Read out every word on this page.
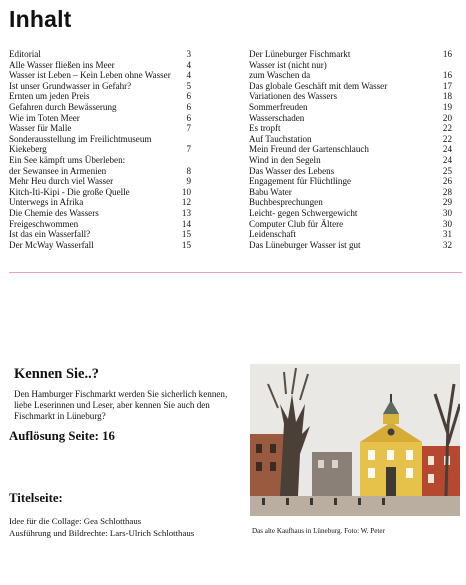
Inhalt
Editorial	3
Alle Wasser fließen ins Meer	4
Wasser ist Leben – Kein Leben ohne Wasser	4
Ist unser Grundwasser in Gefahr?	5
Ernten um jeden Preis	6
Gefahren durch Bewässerung	6
Wie im Toten Meer	6
Wasser für Malle	7
Sonderausstellung im Freilichtmuseum
Kiekeberg	7
Ein See kämpft ums Überleben:
der Sewansee in Armenien	8
Mehr Heu durch viel Wasser	9
Kitch-Iti-Kipi - Die große Quelle	10
Unterwegs in Afrika	12
Die Chemie des Wassers	13
Freigeschwommen	14
Ist das ein Wasserfall?	15
Der McWay Wasserfall	15
Der Lüneburger Fischmarkt	16
Wasser ist (nicht nur)
zum Waschen da	16
Das globale Geschäft mit dem Wasser	17
Variationen des Wassers	18
Sommerfreuden	19
Wasserschaden	20
Es tropft	22
Auf Tauchstation	22
Mein Freund der Gartenschlauch	24
Wind in den Segeln	24
Das Wasser des Lebens	25
Engagement für Flüchtlinge	26
Babu Water	28
Buchbesprechungen	29
Leicht- gegen Schwergewicht	30
Computer Club für Ältere	30
Leidenschaft	31
Das Lüneburger Wasser ist gut	32
Kennen Sie..?
Den Hamburger Fischmarkt werden Sie sicherlich kennen, liebe Leserinnen und Leser, aber kennen Sie auch den Fischmarkt in Lüneburg?
Auflösung Seite: 16
Titelseite:
Idee für die Collage: Gea Schlotthaus
Ausführung und Bildrechte: Lars-Ulrich Schlotthaus	Das alte Kaufhaus in Lüneburg. Foto: W. Peter
